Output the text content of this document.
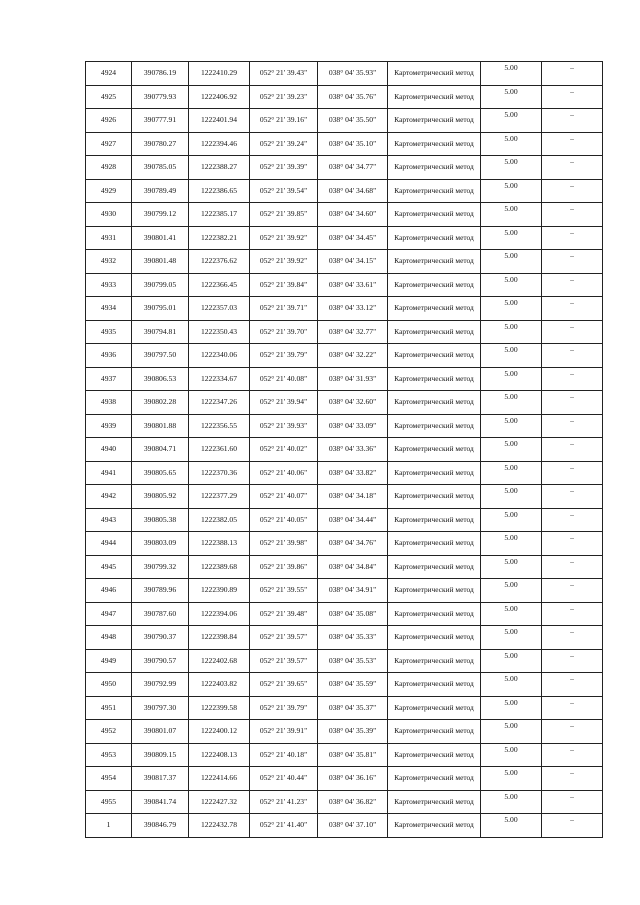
4924	390786.19	1222410.29	052° 21' 39.43"	038° 04' 35.93"	Картометрический метод	5.00	–
4925	390779.93	1222406.92	052° 21' 39.23"	038° 04' 35.76"	Картометрический метод	5.00	–
4926	390777.91	1222401.94	052° 21' 39.16"	038° 04' 35.50"	Картометрический метод	5.00	–
4927	390780.27	1222394.46	052° 21' 39.24"	038° 04' 35.10"	Картометрический метод	5.00	–
4928	390785.05	1222388.27	052° 21' 39.39"	038° 04' 34.77"	Картометрический метод	5.00	–
4929	390789.49	1222386.65	052° 21' 39.54"	038° 04' 34.68"	Картометрический метод	5.00	–
4930	390799.12	1222385.17	052° 21' 39.85"	038° 04' 34.60"	Картометрический метод	5.00	–
4931	390801.41	1222382.21	052° 21' 39.92"	038° 04' 34.45"	Картометрический метод	5.00	–
4932	390801.48	1222376.62	052° 21' 39.92"	038° 04' 34.15"	Картометрический метод	5.00	–
4933	390799.05	1222366.45	052° 21' 39.84"	038° 04' 33.61"	Картометрический метод	5.00	–
4934	390795.01	1222357.03	052° 21' 39.71"	038° 04' 33.12"	Картометрический метод	5.00	–
4935	390794.81	1222350.43	052° 21' 39.70"	038° 04' 32.77"	Картометрический метод	5.00	–
4936	390797.50	1222340.06	052° 21' 39.79"	038° 04' 32.22"	Картометрический метод	5.00	–
4937	390806.53	1222334.67	052° 21' 40.08"	038° 04' 31.93"	Картометрический метод	5.00	–
4938	390802.28	1222347.26	052° 21' 39.94"	038° 04' 32.60"	Картометрический метод	5.00	–
4939	390801.88	1222356.55	052° 21' 39.93"	038° 04' 33.09"	Картометрический метод	5.00	–
4940	390804.71	1222361.60	052° 21' 40.02"	038° 04' 33.36"	Картометрический метод	5.00	–
4941	390805.65	1222370.36	052° 21' 40.06"	038° 04' 33.82"	Картометрический метод	5.00	–
4942	390805.92	1222377.29	052° 21' 40.07"	038° 04' 34.18"	Картометрический метод	5.00	–
4943	390805.38	1222382.05	052° 21' 40.05"	038° 04' 34.44"	Картометрический метод	5.00	–
4944	390803.09	1222388.13	052° 21' 39.98"	038° 04' 34.76"	Картометрический метод	5.00	–
4945	390799.32	1222389.68	052° 21' 39.86"	038° 04' 34.84"	Картометрический метод	5.00	–
4946	390789.96	1222390.89	052° 21' 39.55"	038° 04' 34.91"	Картометрический метод	5.00	–
4947	390787.60	1222394.06	052° 21' 39.48"	038° 04' 35.08"	Картометрический метод	5.00	–
4948	390790.37	1222398.84	052° 21' 39.57"	038° 04' 35.33"	Картометрический метод	5.00	–
4949	390790.57	1222402.68	052° 21' 39.57"	038° 04' 35.53"	Картометрический метод	5.00	–
4950	390792.99	1222403.82	052° 21' 39.65"	038° 04' 35.59"	Картометрический метод	5.00	–
4951	390797.30	1222399.58	052° 21' 39.79"	038° 04' 35.37"	Картометрический метод	5.00	–
4952	390801.07	1222400.12	052° 21' 39.91"	038° 04' 35.39"	Картометрический метод	5.00	–
4953	390809.15	1222408.13	052° 21' 40.18"	038° 04' 35.81"	Картометрический метод	5.00	–
4954	390817.37	1222414.66	052° 21' 40.44"	038° 04' 36.16"	Картометрический метод	5.00	–
4955	390841.74	1222427.32	052° 21' 41.23"	038° 04' 36.82"	Картометрический метод	5.00	–
1	390846.79	1222432.78	052° 21' 41.40"	038° 04' 37.10"	Картометрический метод	5.00	–
